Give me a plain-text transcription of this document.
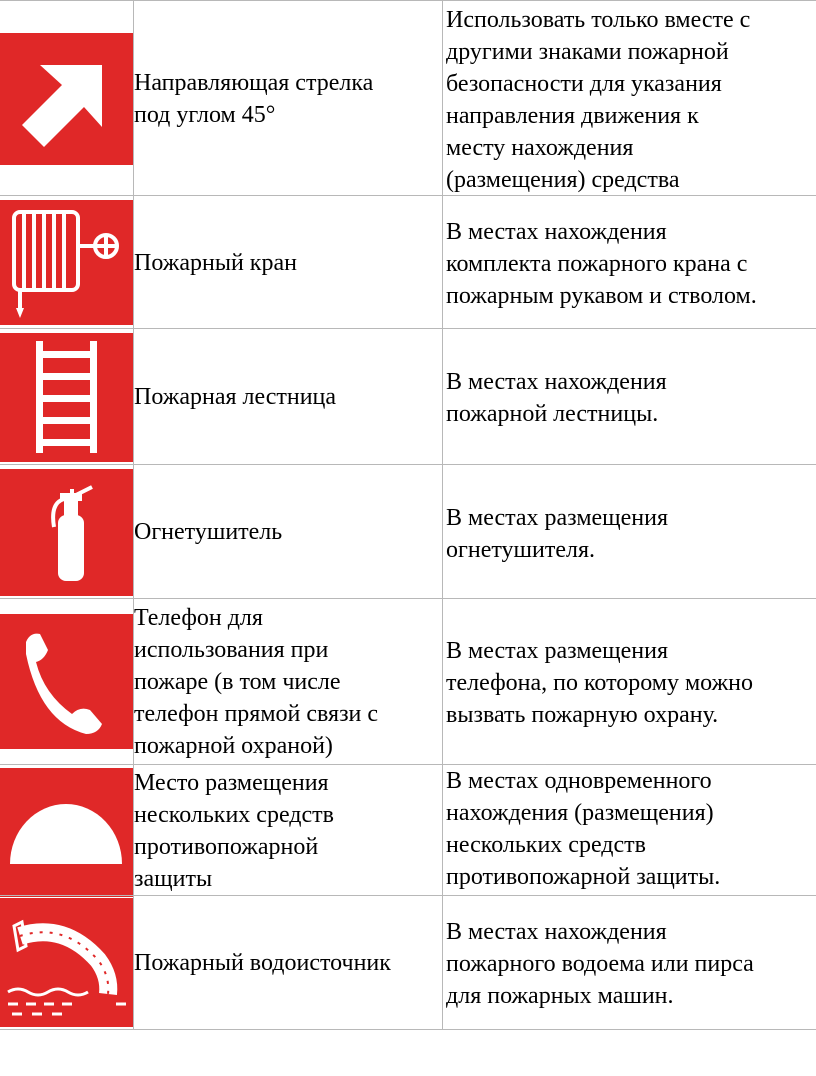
Направляющая стрелка
под углом 45°
Использовать только вместе с
другими знаками пожарной
безопасности для указания
направления движения к
месту нахождения
(размещения) средства
Пожарный кран
В местах нахождения
комплекта пожарного крана с
пожарным рукавом и стволом.
Пожарная лестница
В местах нахождения
пожарной лестницы.
Огнетушитель
В местах размещения
огнетушителя.
Телефон для
использования при
пожаре (в том числе
телефон прямой связи с
пожарной охраной)
В местах размещения
телефона, по которому можно
вызвать пожарную охрану.
Место размещения
нескольких средств
противопожарной
защиты
В местах одновременного
нахождения (размещения)
нескольких средств
противопожарной защиты.
Пожарный водоисточник
В местах нахождения
пожарного водоема или пирса
для пожарных машин.
